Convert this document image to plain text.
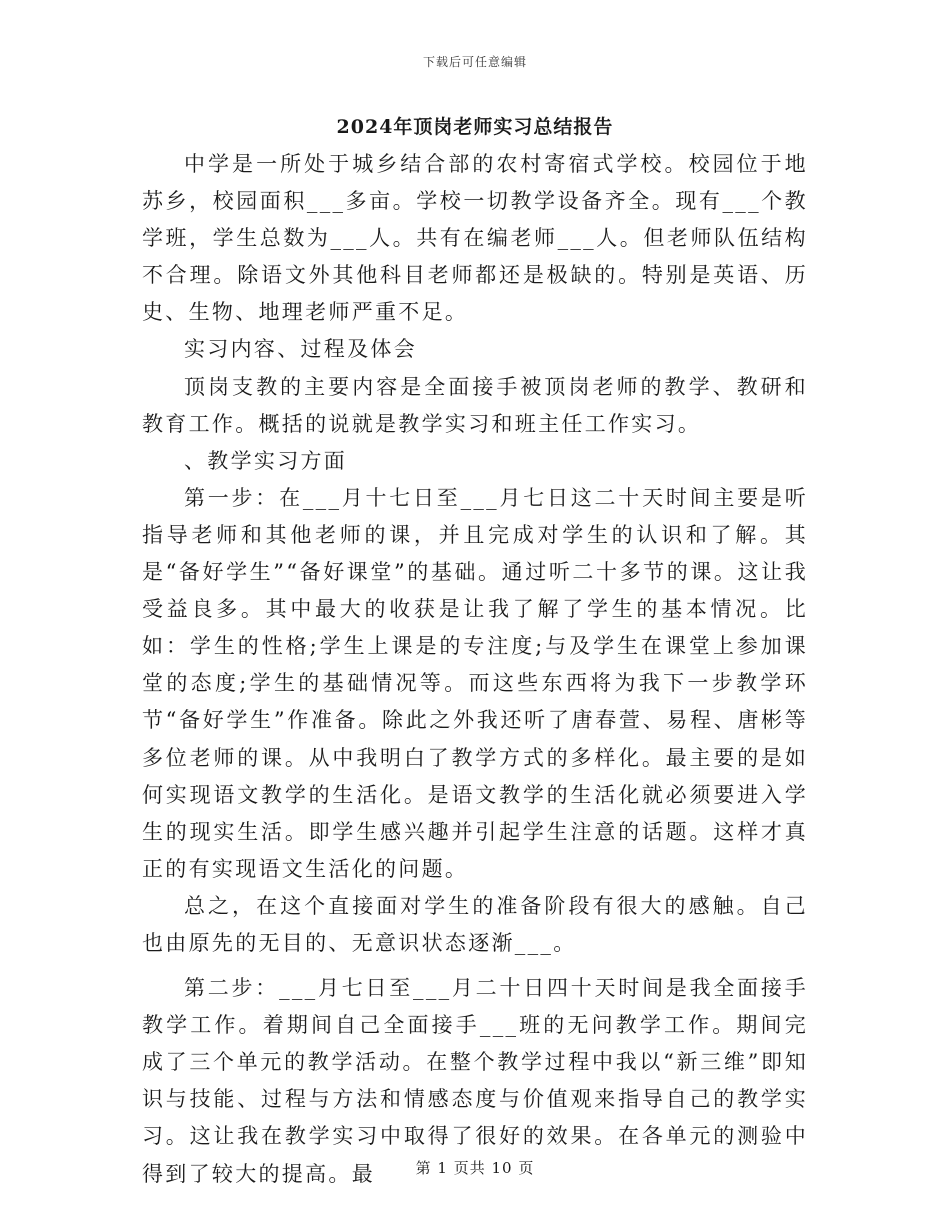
下载后可任意编辑
2024年顶岗老师实习总结报告

中学是一所处于城乡结合部的农村寄宿式学校。校园位于地苏乡，校园面积___多亩。学校一切教学设备齐全。现有___个教学班，学生总数为___人。共有在编老师___人。但老师队伍结构不合理。除语文外其他科目老师都还是极缺的。特别是英语、历史、生物、地理老师严重不足。

实习内容、过程及体会

顶岗支教的主要内容是全面接手被顶岗老师的教学、教研和教育工作。概括的说就是教学实习和班主任工作实习。

、教学实习方面

第一步：在___月十七日至___月七日这二十天时间主要是听指导老师和其他老师的课，并且完成对学生的认识和了解。其是“备好学生”“备好课堂”的基础。通过听二十多节的课。这让我受益良多。其中最大的收获是让我了解了学生的基本情况。比如：学生的性格;学生上课是的专注度;与及学生在课堂上参加课堂的态度;学生的基础情况等。而这些东西将为我下一步教学环节“备好学生”作准备。除此之外我还听了唐春萱、易程、唐彬等多位老师的课。从中我明白了教学方式的多样化。最主要的是如何实现语文教学的生活化。是语文教学的生活化就必须要进入学生的现实生活。即学生感兴趣并引起学生注意的话题。这样才真正的有实现语文生活化的问题。

总之，在这个直接面对学生的准备阶段有很大的感触。自己也由原先的无目的、无意识状态逐渐___。

第二步：___月七日至___月二十日四十天时间是我全面接手教学工作。着期间自己全面接手___班的无问教学工作。期间完成了三个单元的教学活动。在整个教学过程中我以“新三维”即知识与技能、过程与方法和情感态度与价值观来指导自己的教学实习。这让我在教学实习中取得了很好的效果。在各单元的测验中得到了较大的提高。最	第 1 页共 10 页
